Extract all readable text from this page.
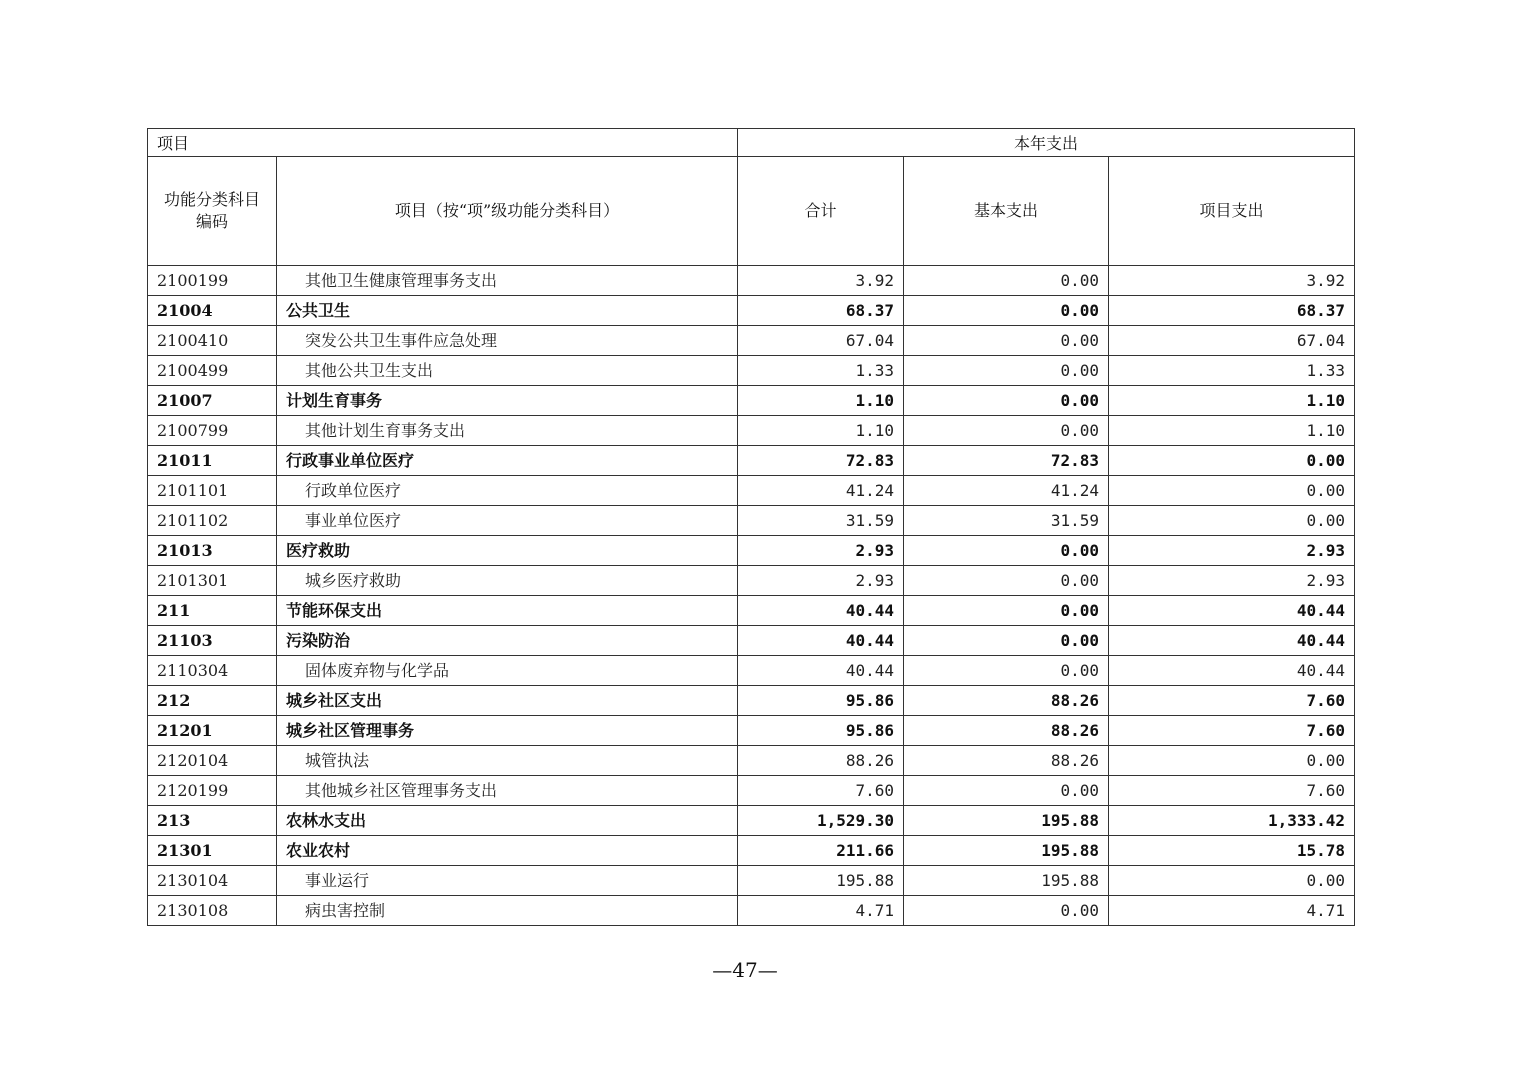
项目		本年支出		
功能分类科目编码	项目（按“项”级功能分类科目）	合计	基本支出	项目支出
2100199	其他卫生健康管理事务支出	3.92	0.00	3.92
21004	公共卫生	68.37	0.00	68.37
2100410	突发公共卫生事件应急处理	67.04	0.00	67.04
2100499	其他公共卫生支出	1.33	0.00	1.33
21007	计划生育事务	1.10	0.00	1.10
2100799	其他计划生育事务支出	1.10	0.00	1.10
21011	行政事业单位医疗	72.83	72.83	0.00
2101101	行政单位医疗	41.24	41.24	0.00
2101102	事业单位医疗	31.59	31.59	0.00
21013	医疗救助	2.93	0.00	2.93
2101301	城乡医疗救助	2.93	0.00	2.93
211	节能环保支出	40.44	0.00	40.44
21103	污染防治	40.44	0.00	40.44
2110304	固体废弃物与化学品	40.44	0.00	40.44
212	城乡社区支出	95.86	88.26	7.60
21201	城乡社区管理事务	95.86	88.26	7.60
2120104	城管执法	88.26	88.26	0.00
2120199	其他城乡社区管理事务支出	7.60	0.00	7.60
213	农林水支出	1,529.30	195.88	1,333.42
21301	农业农村	211.66	195.88	15.78
2130104	事业运行	195.88	195.88	0.00
2130108	病虫害控制	4.71	0.00	4.71
—47—
